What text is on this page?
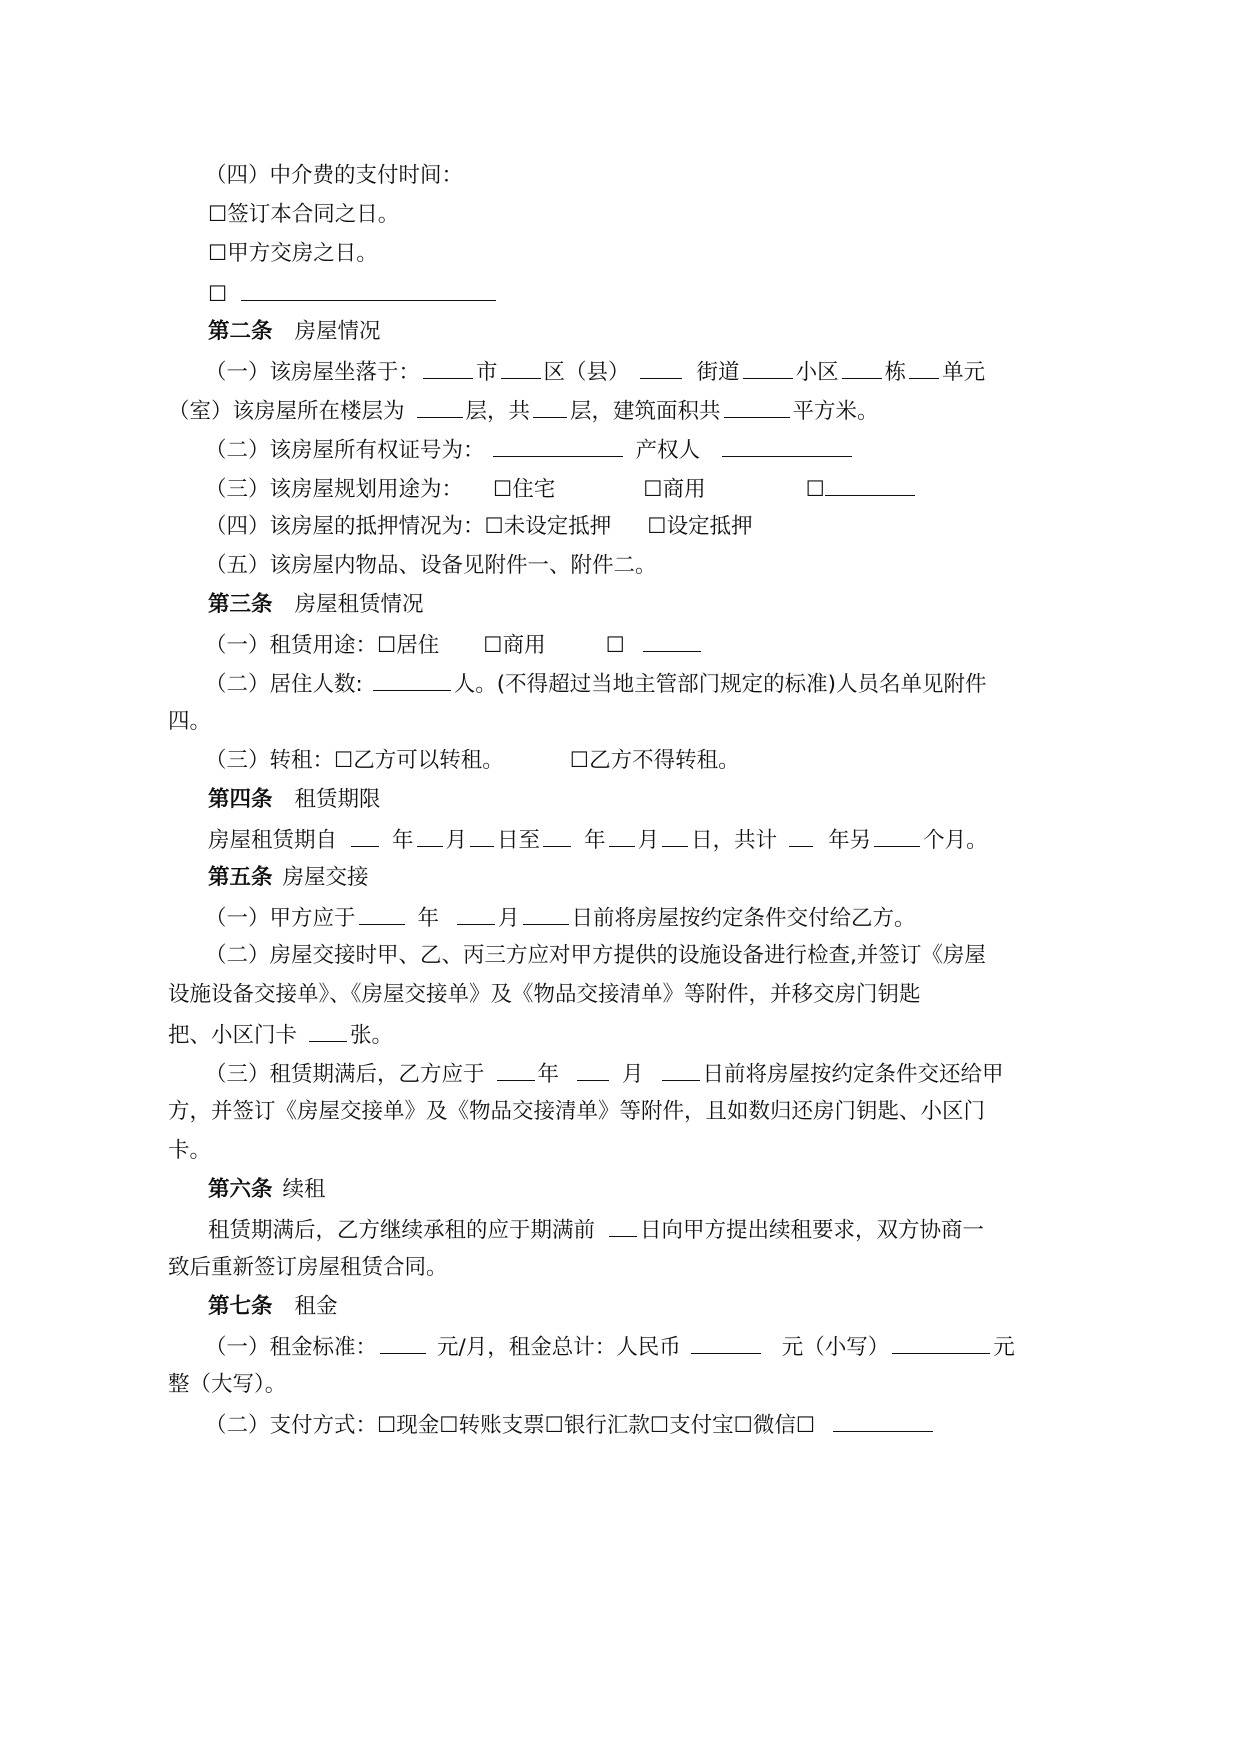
（四）中介费的支付时间：
☐签订本合同之日。
☐甲方交房之日。
☐
第二条 房屋情况
（一）该房屋坐落于：	市 区（县）	街道	小区 栋 单元
（室）该房屋所在楼层为	层，共 层，建筑面积共	平方米。
（二）该房屋所有权证号为：	产权人
（三）该房屋规划用途为： ☐住宅	☐商用	☐
（四）该房屋的抵押情况为：☐未设定抵押 ☐设定抵押
（五）该房屋内物品、设备见附件一、附件二。
第三条 房屋租赁情况
（一）租赁用途：☐居住 ☐商用	☐
（二）居住人数:	人。(不得超过当地主管部门规定的标准)人员名单见附件
四。
（三）转租：☐乙方可以转租。	☐乙方不得转租。
第四条 租赁期限
房屋租赁期自	年 月 日至 年 月 日，共计 年另 个月。
第五条 房屋交接
（一）甲方应于	年	月 日前将房屋按约定条件交付给乙方。
（二）房屋交接时甲、乙、丙三方应对甲方提供的设施设备进行检查,并签订《房屋
设施设备交接单》、《房屋交接单》及《物品交接清单》等附件，并移交房门钥匙
把、小区门卡 张。
（三）租赁期满后，乙方应于 年	月	日前将房屋按约定条件交还给甲
方，并签订《房屋交接单》及《物品交接清单》等附件，且如数归还房门钥匙、小区门
卡。
第六条 续租
租赁期满后，乙方继续承租的应于期满前 日向甲方提出续租要求，双方协商一
致后重新签订房屋租赁合同。
第七条 租金
（一）租金标准：	元/月，租金总计：人民币	元（小写）	元
整（大写）。
（二）支付方式：☐现金☐转账支票☐银行汇款☐支付宝☐微信☐
